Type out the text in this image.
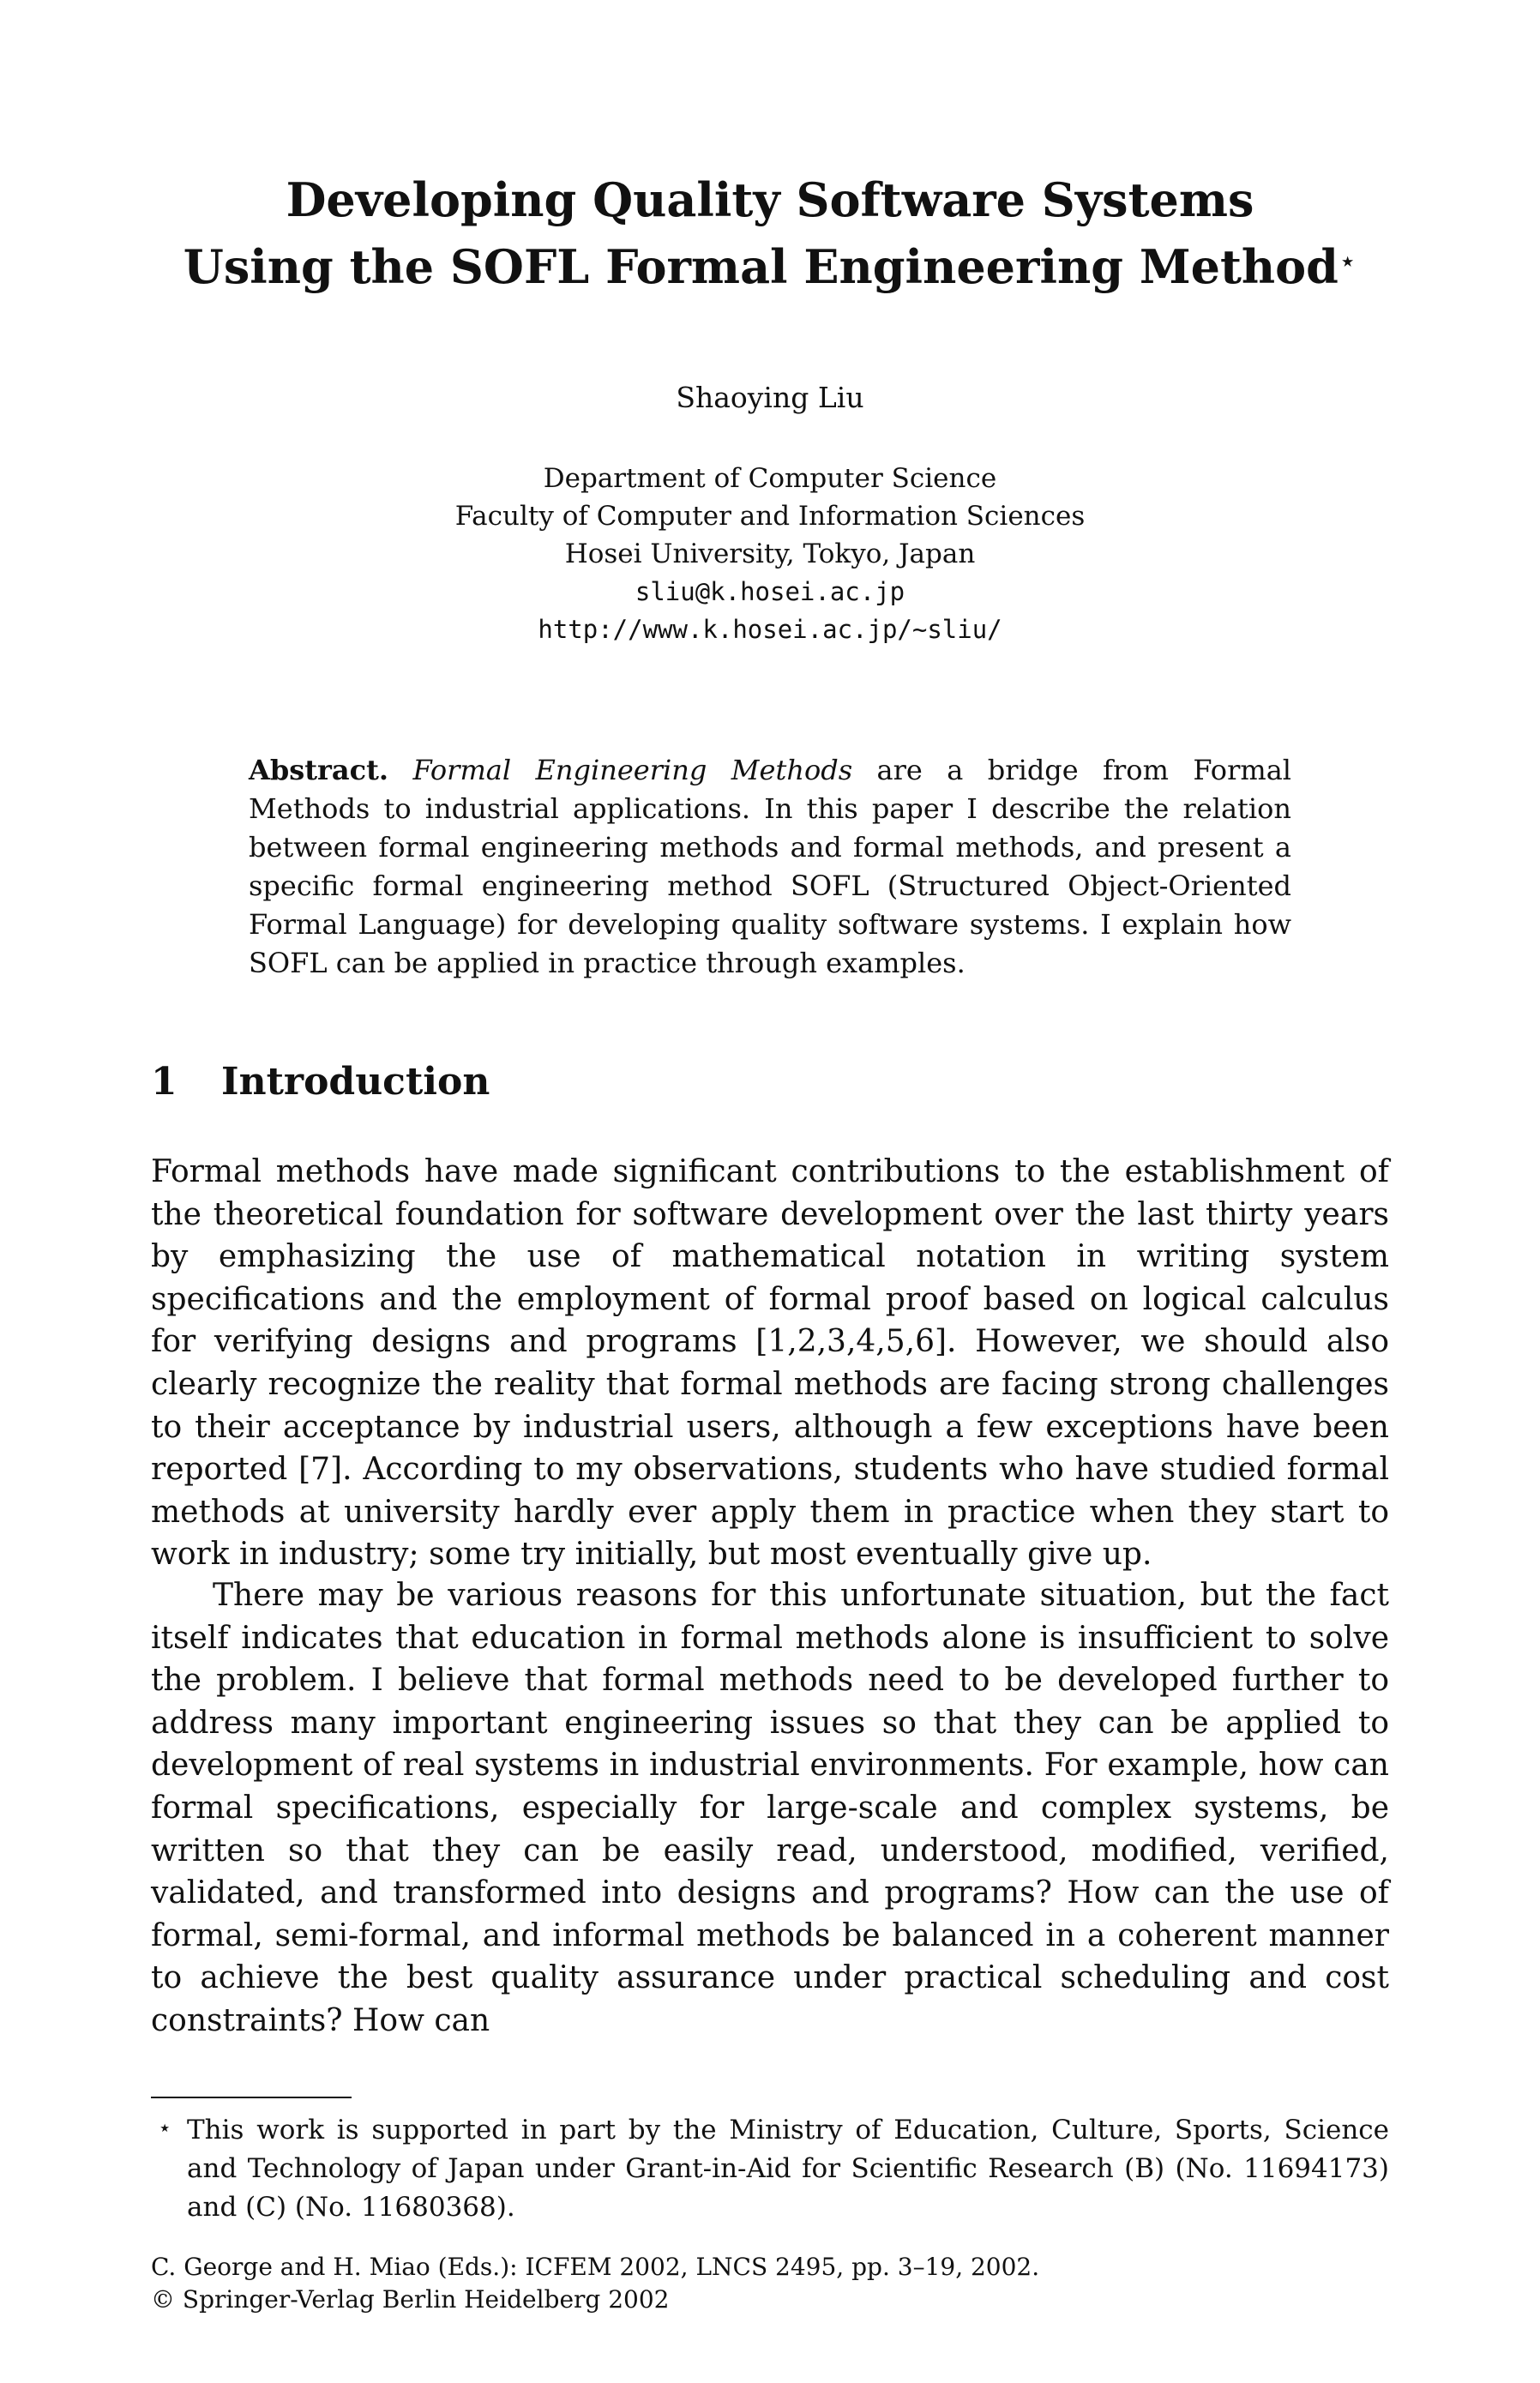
Developing Quality Software Systems
Using the SOFL Formal Engineering Method⋆
Shaoying Liu
Department of Computer Science
Faculty of Computer and Information Sciences
Hosei University, Tokyo, Japan
sliu@k.hosei.ac.jp
http://www.k.hosei.ac.jp/~sliu/

Abstract. Formal Engineering Methods are a bridge from Formal Methods to industrial applications. In this paper I describe the relation between formal engineering methods and formal methods, and present a specific formal engineering method SOFL (Structured Object-Oriented Formal Language) for developing quality software systems. I explain how SOFL can be applied in practice through examples.

1 Introduction

Formal methods have made significant contributions to the establishment of the theoretical foundation for software development over the last thirty years by emphasizing the use of mathematical notation in writing system specifications and the employment of formal proof based on logical calculus for verifying designs and programs [1,2,3,4,5,6]. However, we should also clearly recognize the reality that formal methods are facing strong challenges to their acceptance by industrial users, although a few exceptions have been reported [7]. According to my observations, students who have studied formal methods at university hardly ever apply them in practice when they start to work in industry; some try initially, but most eventually give up.

There may be various reasons for this unfortunate situation, but the fact itself indicates that education in formal methods alone is insufficient to solve the problem. I believe that formal methods need to be developed further to address many important engineering issues so that they can be applied to development of real systems in industrial environments. For example, how can formal specifications, especially for large-scale and complex systems, be written so that they can be easily read, understood, modified, verified, validated, and transformed into designs and programs? How can the use of formal, semi-formal, and informal methods be balanced in a coherent manner to achieve the best quality assurance under practical scheduling and cost constraints? How can

⋆ This work is supported in part by the Ministry of Education, Culture, Sports, Science and Technology of Japan under Grant-in-Aid for Scientific Research (B) (No. 11694173) and (C) (No. 11680368).

C. George and H. Miao (Eds.): ICFEM 2002, LNCS 2495, pp. 3–19, 2002.
© Springer-Verlag Berlin Heidelberg 2002
